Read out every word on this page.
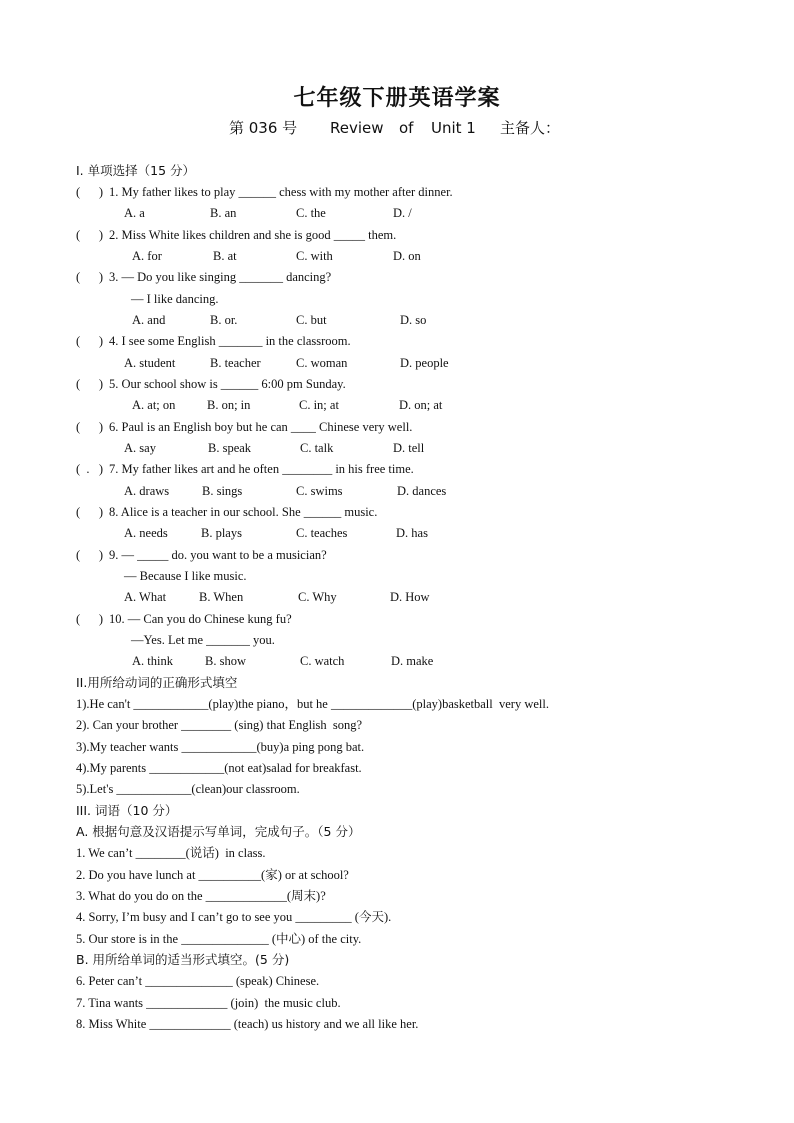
七年级下册英语学案
第 036 号 Review of Unit 1 主备人：
I. 单项选择（15 分）

(      )

1. My father likes to play ______ chess with my mother after dinner.

A. a

	B. an

	C. the

	D. /

(      )

2. Miss White likes children and she is good _____ them.

A. for

	B. at

	C. with

	D. on

(      )

3. — Do you like singing _______ dancing?

— I like dancing.

A. and

	B. or.

	C. but

	D. so

(      )

4. I see some English _______ in the classroom.

A. student

	B. teacher

	C. woman

	D. people

(      )

5. Our school show is ______ 6:00 pm Sunday.

A. at; on

	B. on; in

	C. in; at

	D. on; at

(      )

6. Paul is an English boy but he can ____ Chinese very well.

A. say

	B. speak

	C. talk

	D. tell

(  .   )

7. My father likes art and he often ________ in his free time.

A. draws

	B. sings

	C. swims

	D. dances

(      )

8. Alice is a teacher in our school. She ______ music.

A. needs

	B. plays

	C. teaches

	D. has

(      )

9. — _____ do. you want to be a musician?

— Because I like music.

A. What

	B. When

	C. Why

	D. How

(      )

10. — Can you do Chinese kung fu?

—Yes. Let me _______ you.

A. think

	B. show

	C. watch

	D. make

II.用所给动词的正确形式填空
1).He can't ____________(play)the piano，but he _____________(play)basketball  very well.
2). Can your brother ________ (sing) that English  song?
3).My teacher wants ____________(buy)a ping pong bat.
4).My parents ____________(not eat)salad for breakfast.
5).Let's ____________(clean)our classroom.
III. 词语（10 分）
A. 根据句意及汉语提示写单词，完成句子。（5 分）
1. We can’t ________(说话)  in class.
2. Do you have lunch at __________(家) or at school?
3. What do you do on the _____________(周末)?
4. Sorry, I’m busy and I can’t go to see you _________ (今天).
5. Our store is in the ______________ (中心) of the city.
B. 用所给单词的适当形式填空。(5 分)
6. Peter can’t ______________ (speak) Chinese.
7. Tina wants _____________ (join)  the music club.
8. Miss White _____________ (teach) us history and we all like her.
